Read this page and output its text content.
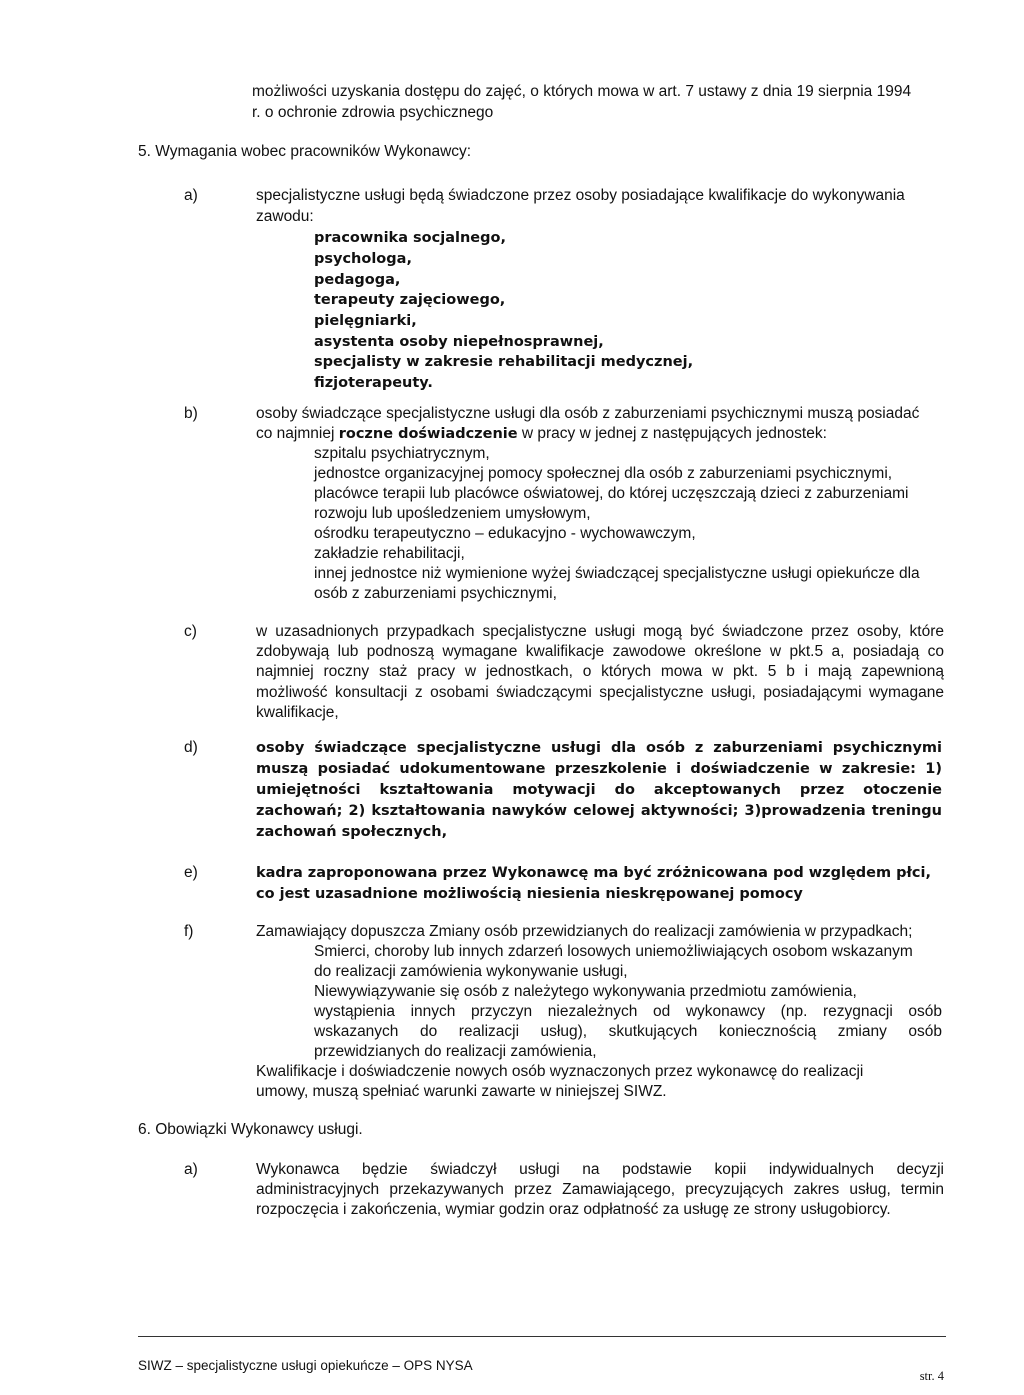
możliwości uzyskania dostępu do zajęć, o których mowa w art. 7 ustawy z dnia 19 sierpnia 1994
r. o ochronie zdrowia psychicznego
5. Wymagania wobec pracowników Wykonawcy:
a)	specjalistyczne usługi będą świadczone przez osoby posiadające kwalifikacje do wykonywania
zawodu:
pracownika socjalnego,
psychologa,
pedagoga,
terapeuty zajęciowego,
pielęgniarki,
asystenta osoby niepełnosprawnej,
specjalisty w zakresie rehabilitacji medycznej,
fizjoterapeuty.
b)	osoby świadczące specjalistyczne usługi dla osób z zaburzeniami psychicznymi muszą posiadać
co najmniej roczne doświadczenie w pracy w jednej z następujących jednostek:
szpitalu psychiatrycznym,
jednostce organizacyjnej pomocy społecznej dla osób z zaburzeniami psychicznymi,
placówce terapii lub placówce oświatowej, do której uczęszczają dzieci z zaburzeniami
rozwoju lub upośledzeniem umysłowym,
ośrodku terapeutyczno – edukacyjno - wychowawczym,
zakładzie rehabilitacji,
innej jednostce niż wymienione wyżej świadczącej specjalistyczne usługi opiekuńcze dla
osób z zaburzeniami psychicznymi,
c)	w uzasadnionych przypadkach specjalistyczne usługi mogą być świadczone przez osoby, które
zdobywają lub podnoszą wymagane kwalifikacje zawodowe określone w pkt.5 a, posiadają co
najmniej roczny staż pracy w jednostkach, o których mowa w pkt. 5 b i mają zapewnioną
możliwość konsultacji z osobami świadczącymi specjalistyczne usługi, posiadającymi wymagane
kwalifikacje,
d)	osoby świadczące specjalistyczne usługi dla osób z zaburzeniami psychicznymi
muszą posiadać udokumentowane przeszkolenie i doświadczenie w zakresie: 1)
umiejętności kształtowania motywacji do akceptowanych przez otoczenie
zachowań; 2) kształtowania nawyków celowej aktywności; 3)prowadzenia treningu
zachowań społecznych,
e)	kadra zaproponowana przez Wykonawcę ma być zróżnicowana pod względem płci,
co jest uzasadnione możliwością niesienia nieskrępowanej pomocy
f)	Zamawiający dopuszcza Zmiany osób przewidzianych do realizacji zamówienia w przypadkach;
Smierci, choroby lub innych zdarzeń losowych uniemożliwiających osobom wskazanym
do realizacji zamówienia wykonywanie usługi,
Niewywiązywanie się osób z należytego wykonywania przedmiotu zamówienia,
wystąpienia innych przyczyn niezależnych od wykonawcy (np. rezygnacji osób
wskazanych do realizacji usług), skutkujących koniecznością zmiany osób
przewidzianych do realizacji zamówienia,
Kwalifikacje i doświadczenie nowych osób wyznaczonych przez wykonawcę do realizacji
umowy, muszą spełniać warunki zawarte w niniejszej SIWZ.
6. Obowiązki Wykonawcy usługi.
a)	Wykonawca będzie świadczył usługi na podstawie kopii indywidualnych decyzji
administracyjnych przekazywanych przez Zamawiającego, precyzujących zakres usług, termin
rozpoczęcia i zakończenia, wymiar godzin oraz odpłatność za usługę ze strony usługobiorcy.
SIWZ – specjalistyczne usługi opiekuńcze – OPS NYSA
str. 4
